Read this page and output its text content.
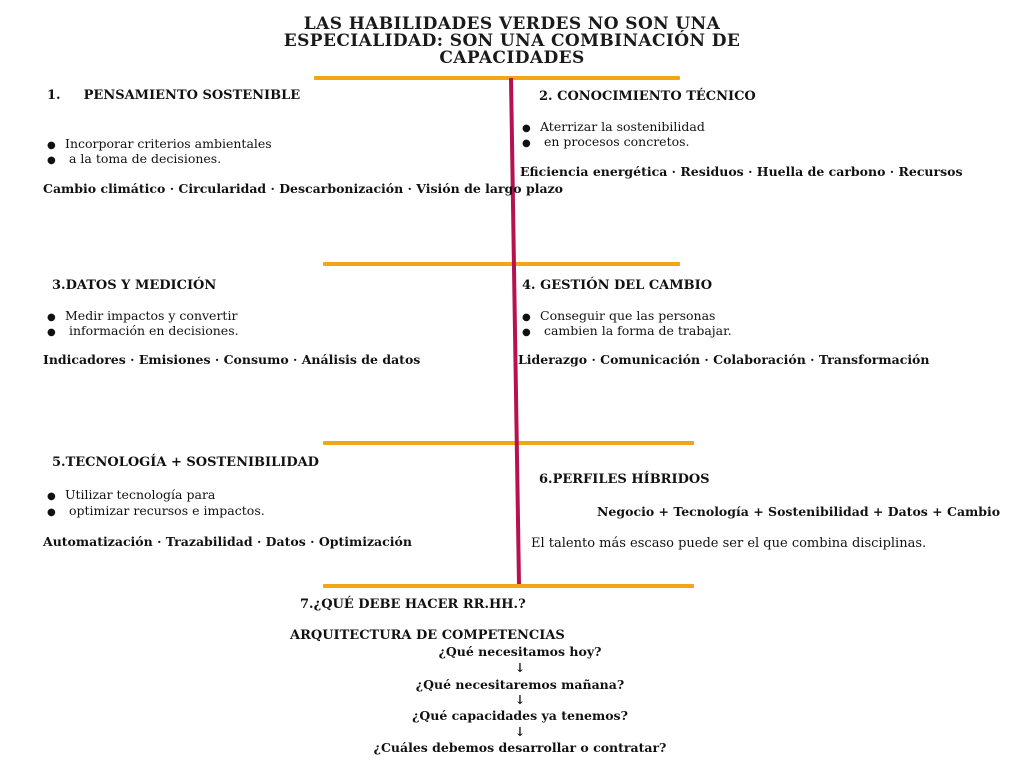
LAS HABILIDADES VERDES NO SON UNA
ESPECIALIDAD: SON UNA COMBINACIÓN DE
CAPACIDADES
1. PENSAMIENTO SOSTENIBLE
● Incorporar criterios ambientales
● a la toma de decisiones.
Cambio climático · Circularidad · Descarbonización · Visión de largo plazo
2. CONOCIMIENTO TÉCNICO
● Aterrizar la sostenibilidad
● en procesos concretos.
Eficiencia energética · Residuos · Huella de carbono · Recursos
3.DATOS Y MEDICIÓN
● Medir impactos y convertir
● información en decisiones.
Indicadores · Emisiones · Consumo · Análisis de datos
4. GESTIÓN DEL CAMBIO
● Conseguir que las personas
● cambien la forma de trabajar.
Liderazgo · Comunicación · Colaboración · Transformación
5.TECNOLOGÍA + SOSTENIBILIDAD
● Utilizar tecnología para
● optimizar recursos e impactos.
Automatización · Trazabilidad · Datos · Optimización
6.PERFILES HÍBRIDOS
Negocio + Tecnología + Sostenibilidad + Datos + Cambio
El talento más escaso puede ser el que combina disciplinas.
7.¿QUÉ DEBE HACER RR.HH.?
ARQUITECTURA DE COMPETENCIAS
¿Qué necesitamos hoy?
↓
¿Qué necesitaremos mañana?
↓
¿Qué capacidades ya tenemos?
↓
¿Cuáles debemos desarrollar o contratar?
